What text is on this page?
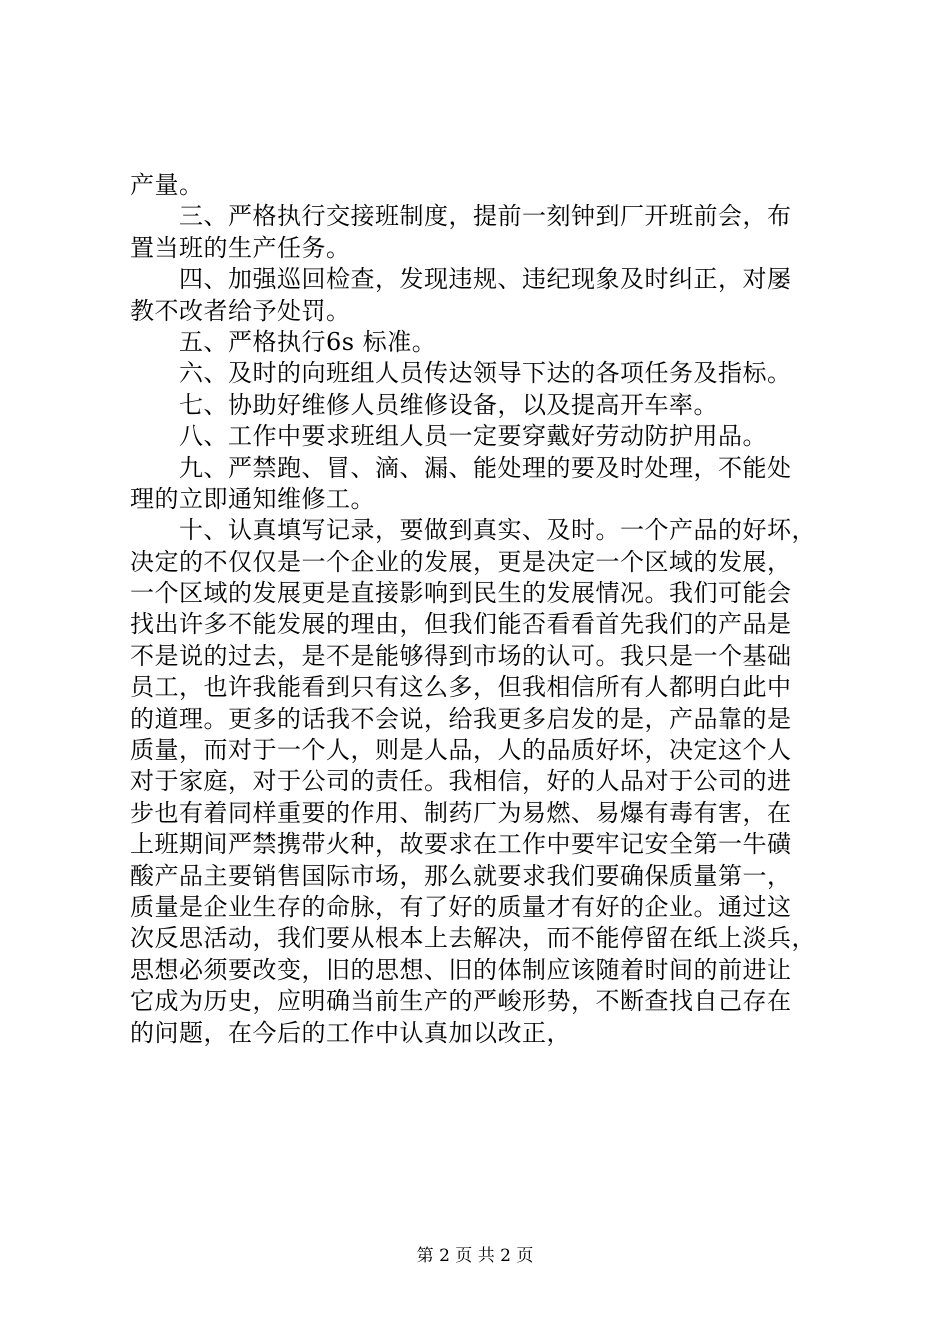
产量。
　　三、严格执行交接班制度，提前一刻钟到厂开班前会，布
置当班的生产任务。
　　四、加强巡回检查，发现违规、违纪现象及时纠正，对屡
教不改者给予处罚。
　　五、严格执行6s 标准。
　　六、及时的向班组人员传达领导下达的各项任务及指标。
　　七、协助好维修人员维修设备，以及提高开车率。
　　八、工作中要求班组人员一定要穿戴好劳动防护用品。
　　九、严禁跑、冒、滴、漏、能处理的要及时处理，不能处
理的立即通知维修工。
　　十、认真填写记录，要做到真实、及时。一个产品的好坏，
决定的不仅仅是一个企业的发展，更是决定一个区域的发展，
一个区域的发展更是直接影响到民生的发展情况。我们可能会
找出许多不能发展的理由，但我们能否看看首先我们的产品是
不是说的过去，是不是能够得到市场的认可。我只是一个基础
员工，也许我能看到只有这么多，但我相信所有人都明白此中
的道理。更多的话我不会说，给我更多启发的是，产品靠的是
质量，而对于一个人，则是人品，人的品质好坏，决定这个人
对于家庭，对于公司的责任。我相信，好的人品对于公司的进
步也有着同样重要的作用、制药厂为易燃、易爆有毒有害，在
上班期间严禁携带火种，故要求在工作中要牢记安全第一牛磺
酸产品主要销售国际市场，那么就要求我们要确保质量第一，
质量是企业生存的命脉，有了好的质量才有好的企业。通过这
次反思活动，我们要从根本上去解决，而不能停留在纸上淡兵，
思想必须要改变，旧的思想、旧的体制应该随着时间的前进让
它成为历史，应明确当前生产的严峻形势，不断查找自己存在
的问题，在今后的工作中认真加以改正，
第 2 页 共 2 页
